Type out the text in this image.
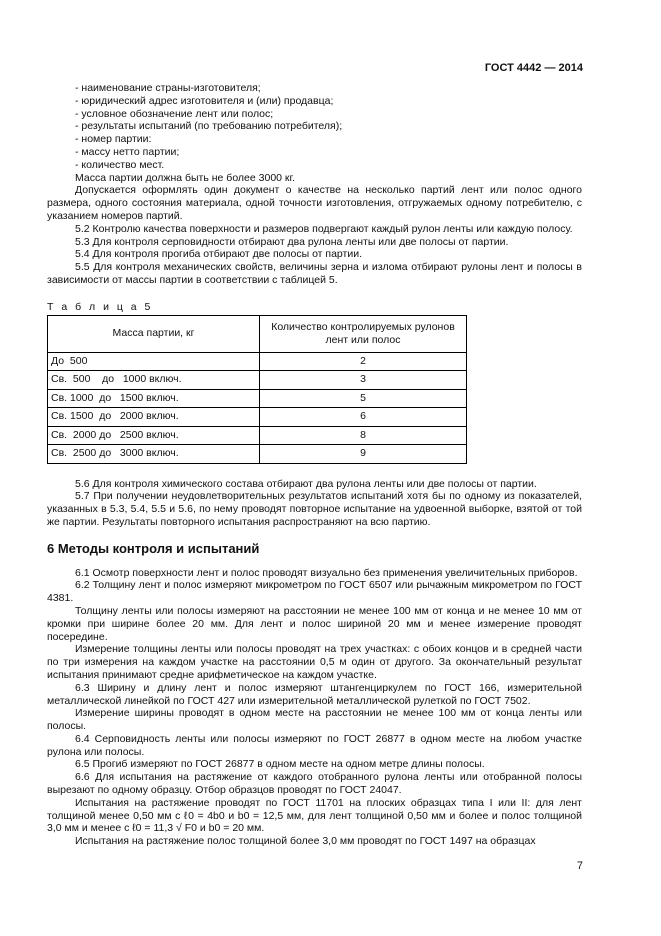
ГОСТ 4442 — 2014

- наименование страны-изготовителя;

- юридический адрес изготовителя и (или) продавца;

- условное обозначение лент или полос;

- результаты испытаний (по требованию потребителя);

- номер партии:

- массу нетто партии;

- количество мест.

Масса партии должна быть не более 3000 кг.

Допускается оформлять один документ о качестве на несколько партий лент или полос одного размера, одного состояния материала, одной точности изготовления, отгружаемых одному потребителю, с указанием номеров партий.

5.2 Контролю качества поверхности и размеров подвергают каждый рулон ленты или каждую полосу.

5.3 Для контроля серповидности отбирают два рулона ленты или две полосы от партии.

5.4 Для контроля прогиба отбирают две полосы от партии.

5.5 Для контроля механических свойств, величины зерна и излома отбирают рулоны лент и полосы в зависимости от массы партии в соответствии с таблицей 5.

Т а б л и ц а 5
Масса партии, кг	Количество контролируемых рулонов лент или полос
До  500	2
Св.  500    до   1000 включ.	3
Св. 1000  до   1500 включ.	5
Св. 1500  до   2000 включ.	6
Св.  2000 до   2500 включ.	8
Св.  2500 до   3000 включ.	9

5.6 Для контроля химического состава отбирают два рулона ленты или две полосы от партии.

5.7 При получении неудовлетворительных результатов испытаний хотя бы по одному из показателей, указанных в 5.3, 5.4, 5.5 и 5.6, по нему проводят повторное испытание на удвоенной выборке, взятой от той же партии. Результаты повторного испытания распространяют на всю партию.

6 Методы контроля и испытаний

6.1 Осмотр поверхности лент и полос проводят визуально без применения увеличительных приборов.

6.2 Толщину лент и полос измеряют микрометром по ГОСТ 6507 или рычажным микрометром по ГОСТ 4381.

Толщину ленты или полосы измеряют на расстоянии не менее 100 мм от конца и не менее 10 мм от кромки при ширине более 20 мм. Для лент и полос шириной 20 мм и менее измерение проводят посередине.

Измерение толщины ленты или полосы проводят на трех участках: с обоих концов и в средней части по три измерения на каждом участке на расстоянии 0,5 м один от другого. За окончательный результат испытания принимают средне арифметическое на каждом участке.

6.3 Ширину и длину лент и полос измеряют штангенциркулем по ГОСТ 166, измерительной металлической линейкой по ГОСТ 427 или измерительной металлической рулеткой по ГОСТ 7502.

Измерение ширины проводят в одном месте на расстоянии не менее 100 мм от конца ленты или полосы.

6.4 Серповидность ленты или полосы измеряют по ГОСТ 26877 в одном месте на любом участке рулона или полосы.

6.5 Прогиб измеряют по ГОСТ 26877 в одном месте на одном метре длины полосы.

6.6 Для испытания на растяжение от каждого отобранного рулона ленты или отобранной полосы вырезают по одному образцу. Отбор образцов проводят по ГОСТ 24047.

Испытания на растяжение проводят по ГОСТ 11701 на плоских образцах типа I или II: для лент толщиной менее 0,50 мм с ℓ0 = 4b0 и b0 = 12,5 мм, для лент толщиной 0,50 мм и более и полос толщиной 3,0 мм и менее с ℓ0 = 11,3 √ F0 и b0 = 20 мм.

Испытания на растяжение полос толщиной более 3,0 мм проводят по ГОСТ 1497 на образцах

7
